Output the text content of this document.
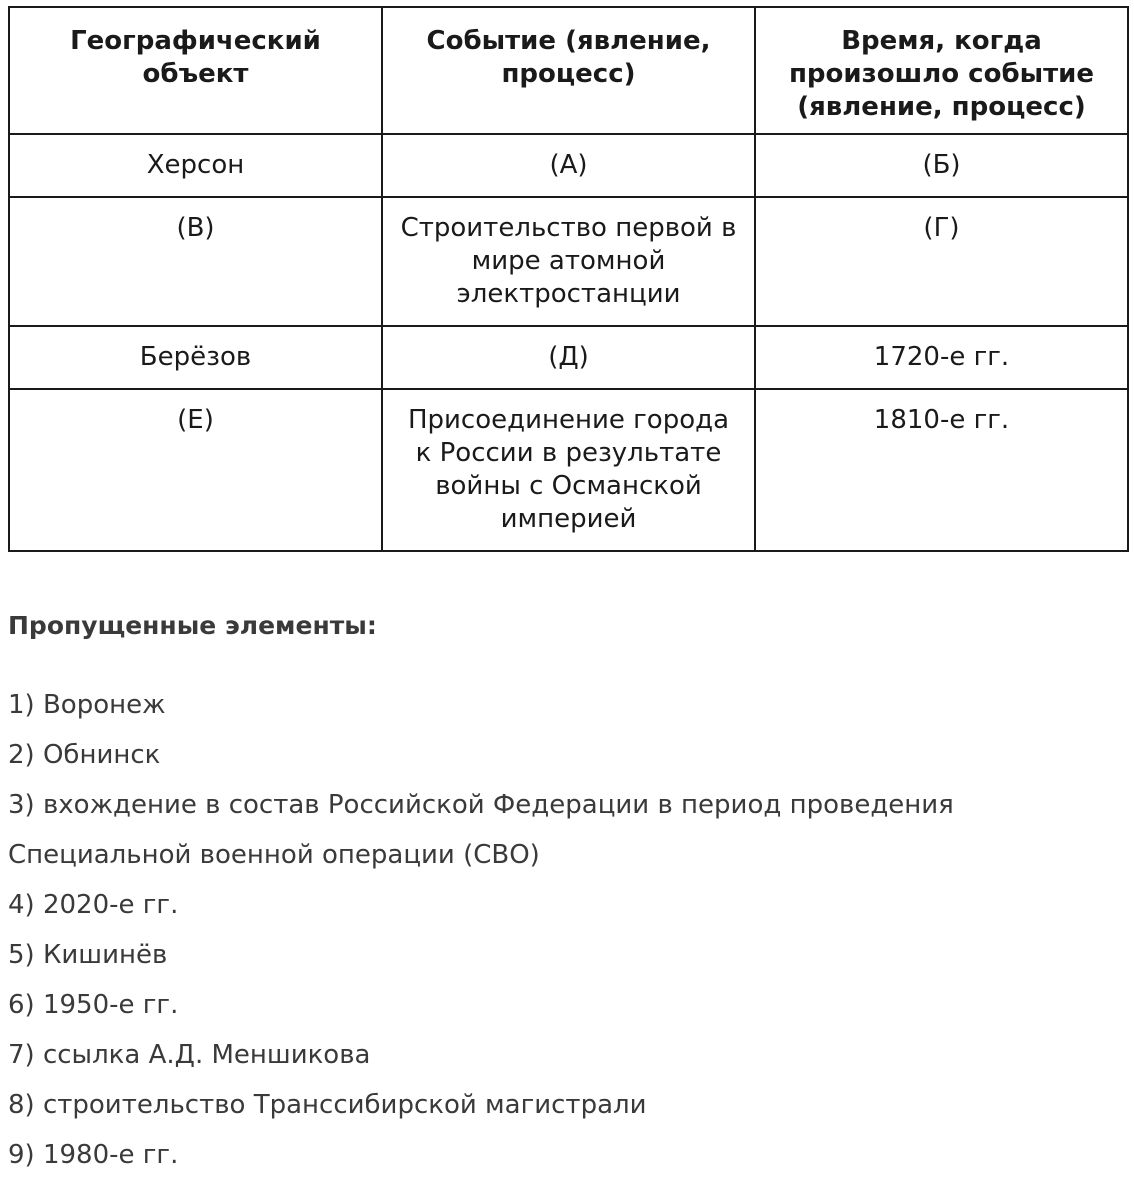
Географический объект	Событие (явление, процесс)	Время, когда произошло событие (явление, процесс)
Херсон	(А)	(Б)
(В)	Строительство первой в мире атомной электростанции	(Г)
Берёзов	(Д)	1720-е гг.
(Е)	Присоединение города к России в результате войны с Османской империей	1810-е гг.

Пропущенные элементы:

1) Воронеж
2) Обнинск
3) вхождение в состав Российской Федерации в период проведения
Специальной военной операции (СВО)
4) 2020-е гг.
5) Кишинёв
6) 1950-е гг.
7) ссылка А.Д. Меншикова
8) строительство Транссибирской магистрали
9) 1980-е гг.
